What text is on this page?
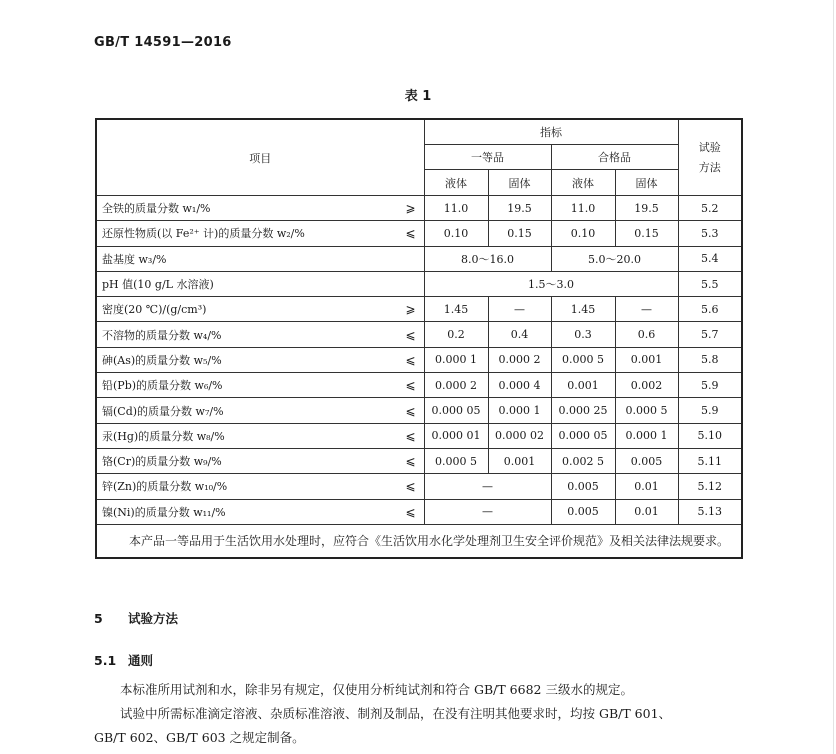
GB/T 14591—2016
表 1
项目		指标				试验方法
		一等品		合格品		
		液体	固体	液体	固体	
全铁的质量分数 w₁/%	⩾	11.0	19.5	11.0	19.5	5.2
还原性物质(以 Fe²⁺ 计)的质量分数 w₂/%	⩽	0.10	0.15	0.10	0.15	5.3
盐基度 w₃/%		8.0～16.0		5.0～20.0		5.4
pH 值(10 g/L 水溶液)		1.5～3.0				5.5
密度(20 ℃)/(g/cm³)	⩾	1.45	—	1.45	—	5.6
不溶物的质量分数 w₄/%	⩽	0.2	0.4	0.3	0.6	5.7
砷(As)的质量分数 w₅/%	⩽	0.000 1	0.000 2	0.000 5	0.001	5.8
铅(Pb)的质量分数 w₆/%	⩽	0.000 2	0.000 4	0.001	0.002	5.9
镉(Cd)的质量分数 w₇/%	⩽	0.000 05	0.000 1	0.000 25	0.000 5	5.9
汞(Hg)的质量分数 w₈/%	⩽	0.000 01	0.000 02	0.000 05	0.000 1	5.10
铬(Cr)的质量分数 w₉/%	⩽	0.000 5	0.001	0.002 5	0.005	5.11
锌(Zn)的质量分数 w₁₀/%	⩽	—		0.005	0.01	5.12
镍(Ni)的质量分数 w₁₁/%	⩽	—		0.005	0.01	5.13

本产品一等品用于生活饮用水处理时，应符合《生活饮用水化学处理剂卫生安全评价规范》及相关法律法规要求。						
5 试验方法
5.1 通则
本标准所用试剂和水，除非另有规定，仅使用分析纯试剂和符合 GB/T 6682 三级水的规定。
试验中所需标准滴定溶液、杂质标准溶液、制剂及制品，在没有注明其他要求时，均按 GB/T 601、
GB/T 602、GB/T 603 之规定制备。
